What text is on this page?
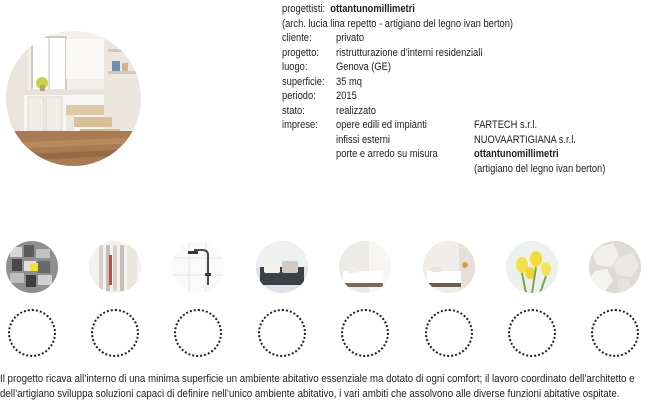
progettisti: ottantunomillimetri
(arch. lucia lina repetto - artigiano del legno ivan berton)
cliente: privato
progetto: ristrutturazione d’interni residenziali
luogo:	Genova (GE)
superficie: 35 mq
periodo: 2015
stato:	realizzato
imprese: opere edili ed impianti	FARTECH s.r.l.
infissi esterni	NUOVAARTIGIANA s.r.l.
porte e arredo su misura	ottantunomillimetri
(artigiano del legno ivan berton)
Il progetto ricava all’interno di una minima superficie un ambiente abitativo essenziale ma dotato di ogni comfort; il lavoro coordinato dell’architetto e
dell’artigiano sviluppa soluzioni capaci di definire nell’unico ambiente abitativo, i vari ambiti che assolvono alle diverse funzioni abitative ospitate.
